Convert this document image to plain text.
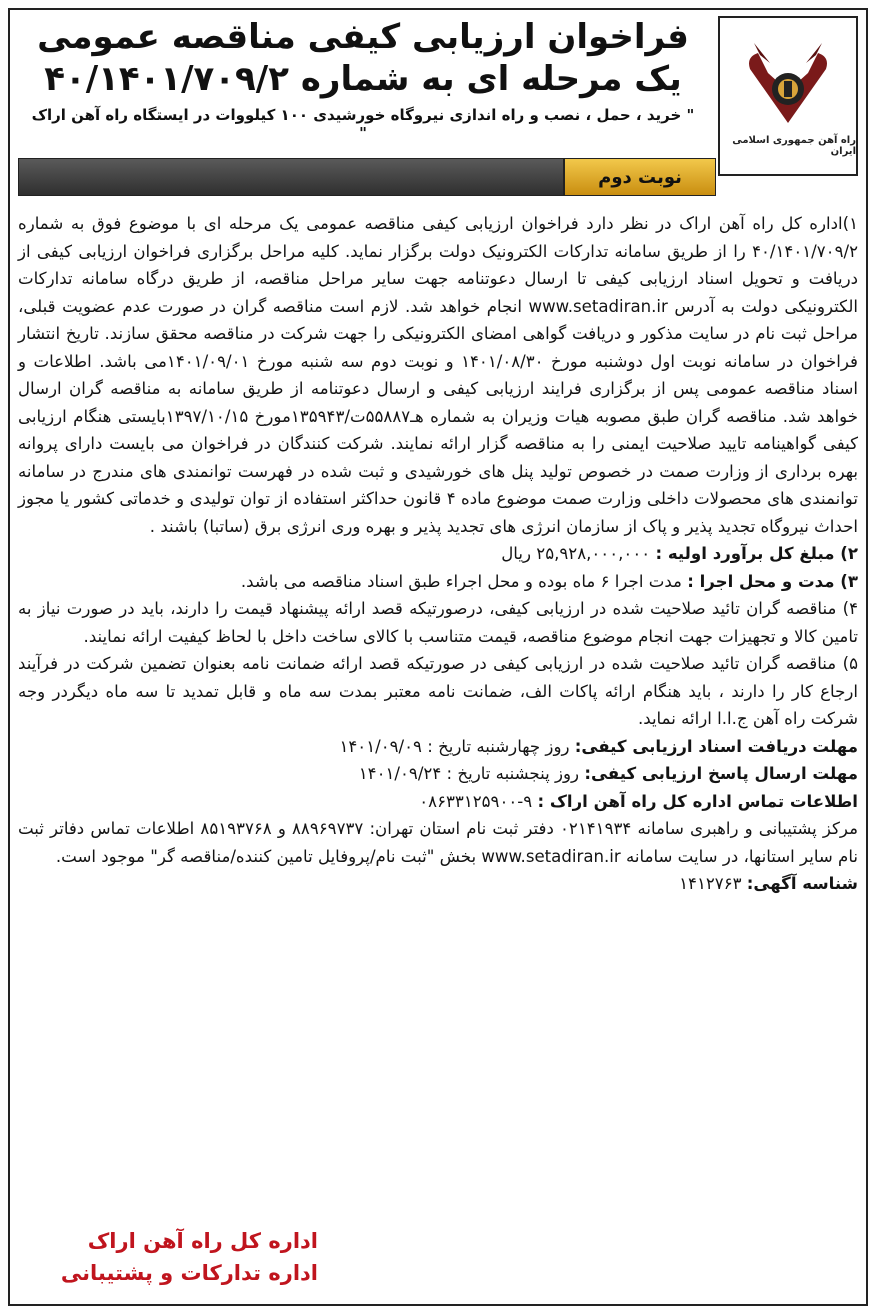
راه آهن جمهوری اسلامی ایران
فراخوان ارزیابی کیفی مناقصه عمومی
یک مرحله ای به شماره ۴۰/۱۴۰۱/۷۰۹/۲
" خرید ، حمل ، نصب و راه اندازی نیروگاه خورشیدی ۱۰۰ کیلووات در ایستگاه راه آهن اراک "
نوبت دوم

۱)اداره کل راه آهن اراک در نظر دارد فراخوان ارزیابی کیفی مناقصه عمومی یک مرحله ای با موضوع فوق به شماره ۴۰/۱۴۰۱/۷۰۹/۲ را از طریق سامانه تدارکات الکترونیک دولت برگزار نماید. کلیه مراحل برگزاری فراخوان ارزیابی کیفی از دریافت و تحویل اسناد ارزیابی کیفی تا ارسال دعوتنامه جهت سایر مراحل مناقصه، از طریق درگاه سامانه تدارکات الکترونیکی دولت به آدرس www.setadiran.ir انجام خواهد شد. لازم است مناقصه گران در صورت عدم عضویت قبلی، مراحل ثبت نام در سایت مذکور و دریافت گواهی امضای الکترونیکی را جهت شرکت در مناقصه محقق سازند. تاریخ انتشار فراخوان در سامانه نوبت اول دوشنبه مورخ ۱۴۰۱/۰۸/۳۰ و نوبت دوم سه شنبه مورخ ۱۴۰۱/۰۹/۰۱می باشد. اطلاعات و اسناد مناقصه عمومی پس از برگزاری فرایند ارزیابی کیفی و ارسال دعوتنامه از طریق سامانه به مناقصه گران ارسال خواهد شد. مناقصه گران طبق مصوبه هیات وزیران به شماره هـ۵۵۸۸۷ت/۱۳۵۹۴۳مورخ ۱۳۹۷/۱۰/۱۵بایستی هنگام ارزیابی کیفی گواهینامه تایید صلاحیت ایمنی را به مناقصه گزار ارائه نمایند. شرکت کنندگان در فراخوان می بایست دارای پروانه بهره برداری از وزارت صمت در خصوص تولید پنل های خورشیدی و ثبت شده در فهرست توانمندی های مندرج در سامانه توانمندی های محصولات داخلی وزارت صمت موضوع ماده ۴ قانون حداکثر استفاده از توان تولیدی و خدماتی کشور یا مجوز احداث نیروگاه تجدید پذیر و پاک از سازمان انرژی های تجدید پذیر و بهره وری انرژی برق (ساتبا) باشند .

۲) مبلغ کل برآورد اولیه : ۲۵,۹۲۸,۰۰۰,۰۰۰ ریال

۳) مدت و محل اجرا : مدت اجرا ۶ ماه بوده و محل اجراء طبق اسناد مناقصه می باشد.

۴) مناقصه گران تائید صلاحیت شده در ارزیابی کیفی، درصورتیکه قصد ارائه پیشنهاد قیمت را دارند، باید در صورت نیاز به تامین کالا و تجهیزات جهت انجام موضوع مناقصه، قیمت متناسب با کالای ساخت داخل با لحاظ کیفیت ارائه نمایند.

۵) مناقصه گران تائید صلاحیت شده در ارزیابی کیفی در صورتیکه قصد ارائه ضمانت نامه بعنوان تضمین شرکت در فرآیند ارجاع کار را دارند ، باید هنگام ارائه پاکات الف، ضمانت نامه معتبر بمدت سه ماه و قابل تمدید تا سه ماه دیگردر وجه شرکت راه آهن ج.ا.ا ارائه نماید.

مهلت دریافت اسناد ارزیابی کیفی: روز چهارشنبه تاریخ : ۱۴۰۱/۰۹/۰۹

مهلت ارسال پاسخ ارزیابی کیفی: روز پنجشنبه تاریخ : ۱۴۰۱/۰۹/۲۴

اطلاعات تماس اداره کل راه آهن اراک : ۹-۰۸۶۳۳۱۲۵۹۰۰

مرکز پشتیبانی و راهبری سامانه ۰۲۱۴۱۹۳۴ دفتر ثبت نام استان تهران: ۸۸۹۶۹۷۳۷ و ۸۵۱۹۳۷۶۸ اطلاعات تماس دفاتر ثبت نام سایر استانها، در سایت سامانه www.setadiran.ir بخش "ثبت نام/پروفایل تامین کننده/مناقصه گر" موجود است.

شناسه آگهی: ۱۴۱۲۷۶۳

اداره کل راه آهن اراک
اداره تدارکات و پشتیبانی
